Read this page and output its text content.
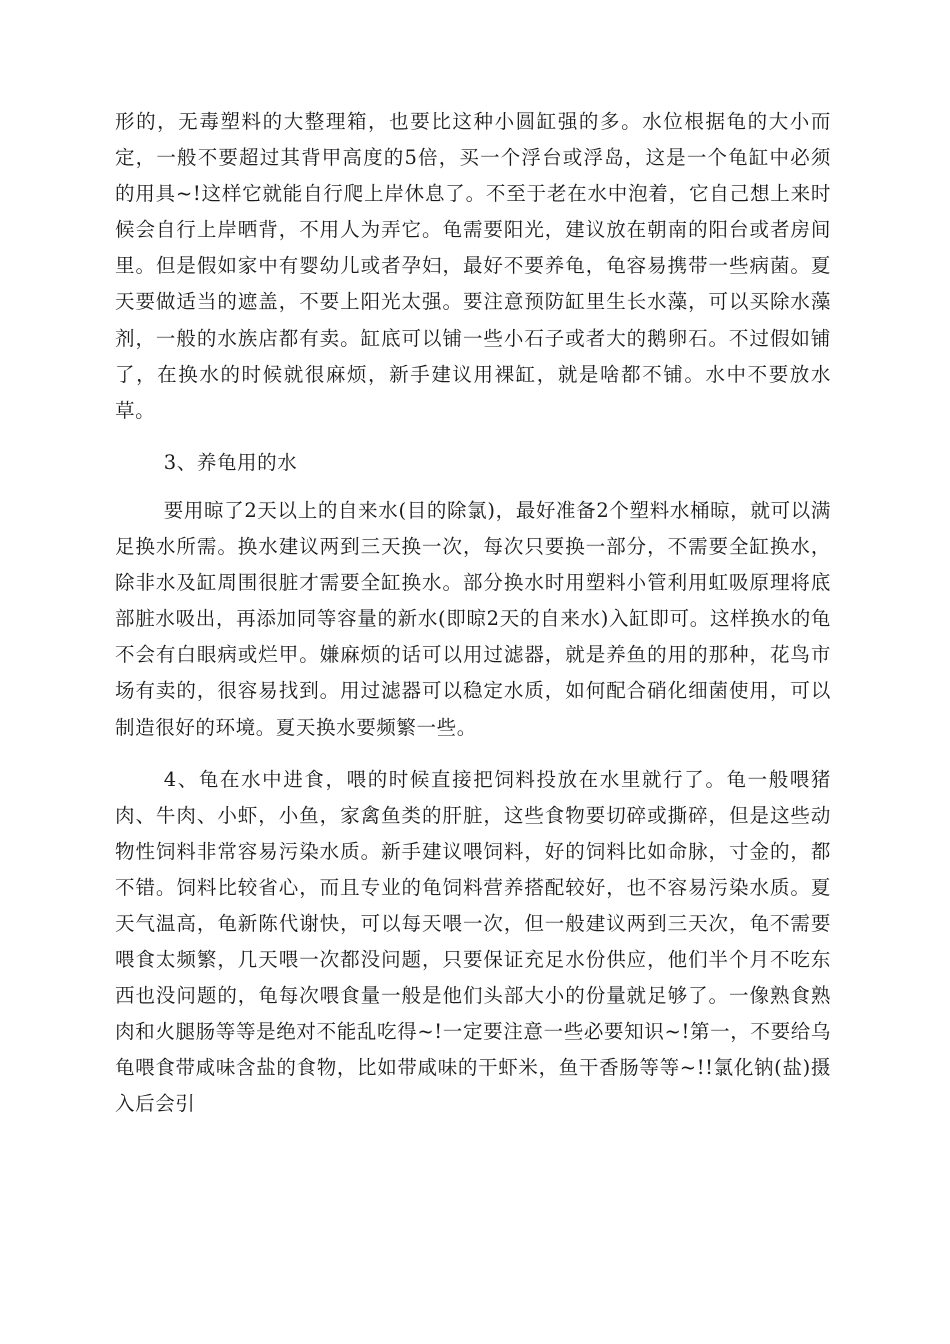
形的，无毒塑料的大整理箱，也要比这种小圆缸强的多。水位根据龟的大小而定，一般不要超过其背甲高度的5倍，买一个浮台或浮岛，这是一个龟缸中必须的用具~!这样它就能自行爬上岸休息了。不至于老在水中泡着，它自己想上来时候会自行上岸晒背，不用人为弄它。龟需要阳光，建议放在朝南的阳台或者房间里。但是假如家中有婴幼儿或者孕妇，最好不要养龟，龟容易携带一些病菌。夏天要做适当的遮盖，不要上阳光太强。要注意预防缸里生长水藻，可以买除水藻剂，一般的水族店都有卖。缸底可以铺一些小石子或者大的鹅卵石。不过假如铺了，在换水的时候就很麻烦，新手建议用裸缸，就是啥都不铺。水中不要放水草。

3、养龟用的水

要用晾了2天以上的自来水(目的除氯)，最好准备2个塑料水桶晾，就可以满足换水所需。换水建议两到三天换一次，每次只要换一部分，不需要全缸换水，除非水及缸周围很脏才需要全缸换水。部分换水时用塑料小管利用虹吸原理将底部脏水吸出，再添加同等容量的新水(即晾2天的自来水)入缸即可。这样换水的龟不会有白眼病或烂甲。嫌麻烦的话可以用过滤器，就是养鱼的用的那种，花鸟市场有卖的，很容易找到。用过滤器可以稳定水质，如何配合硝化细菌使用，可以制造很好的环境。夏天换水要频繁一些。

4、龟在水中进食，喂的时候直接把饲料投放在水里就行了。龟一般喂猪肉、牛肉、小虾，小鱼，家禽鱼类的肝脏，这些食物要切碎或撕碎，但是这些动物性饲料非常容易污染水质。新手建议喂饲料，好的饲料比如命脉，寸金的，都不错。饲料比较省心，而且专业的龟饲料营养搭配较好，也不容易污染水质。夏天气温高，龟新陈代谢快，可以每天喂一次，但一般建议两到三天次，龟不需要喂食太频繁，几天喂一次都没问题，只要保证充足水份供应，他们半个月不吃东西也没问题的，龟每次喂食量一般是他们头部大小的份量就足够了。一像熟食熟肉和火腿肠等等是绝对不能乱吃得~!一定要注意一些必要知识~!第一，不要给乌龟喂食带咸味含盐的食物，比如带咸味的干虾米，鱼干香肠等等~!!氯化钠(盐)摄入后会引
